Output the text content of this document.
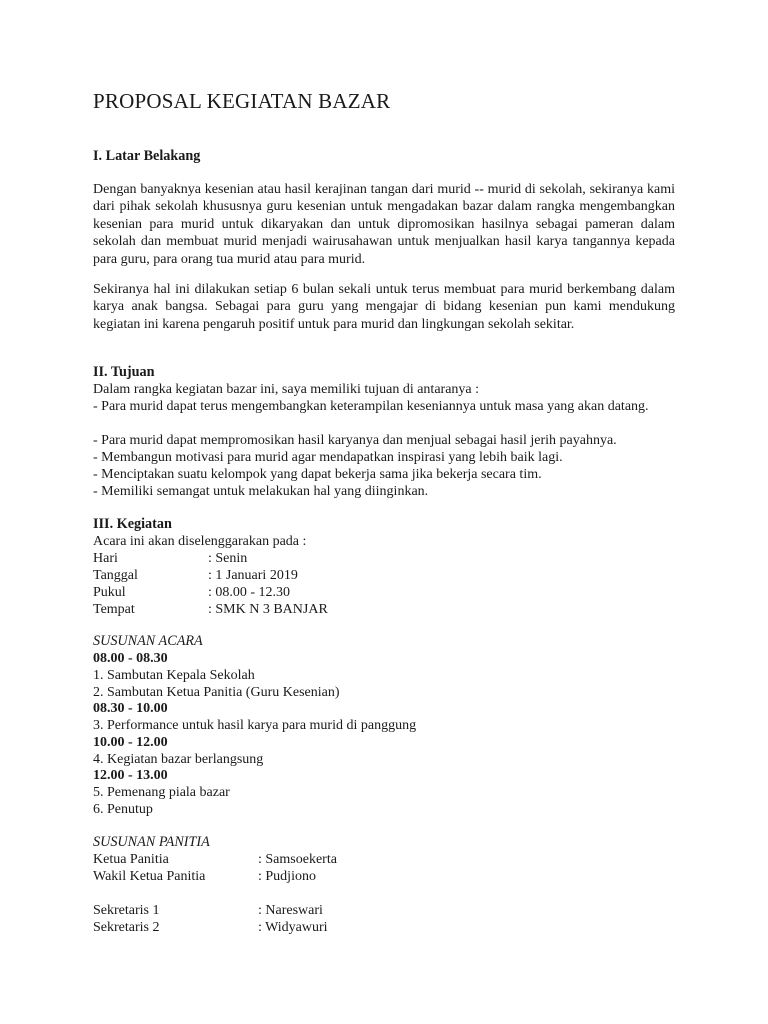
PROPOSAL KEGIATAN BAZAR
I. Latar Belakang

Dengan banyaknya kesenian atau hasil kerajinan tangan dari murid -- murid di sekolah, sekiranya kami dari pihak sekolah khususnya guru kesenian untuk mengadakan bazar dalam rangka mengembangkan kesenian para murid untuk dikaryakan dan untuk dipromosikan hasilnya sebagai pameran dalam sekolah dan membuat murid menjadi wairusahawan untuk menjualkan hasil karya tangannya kepada para guru, para orang tua murid atau para murid.

Sekiranya hal ini dilakukan setiap 6 bulan sekali untuk terus membuat para murid berkembang dalam karya anak bangsa. Sebagai para guru yang mengajar di bidang kesenian pun kami mendukung kegiatan ini karena pengaruh positif untuk para murid dan lingkungan sekolah sekitar.

II. Tujuan
Dalam rangka kegiatan bazar ini, saya memiliki tujuan di antaranya :

- Para murid dapat terus mengembangkan keterampilan keseniannya untuk masa yang akan datang.

- Para murid dapat mempromosikan hasil karyanya dan menjual sebagai hasil jerih payahnya.
- Membangun motivasi para murid agar mendapatkan inspirasi yang lebih baik lagi.
- Menciptakan suatu kelompok yang dapat bekerja sama jika bekerja secara tim.
- Memiliki semangat untuk melakukan hal yang diinginkan.
III. Kegiatan
Acara ini akan diselenggarakan pada :
Hari	: Senin
Tanggal	: 1 Januari 2019
Pukul	: 08.00 - 12.30
Tempat	: SMK N 3 BANJAR
SUSUNAN ACARA
08.00 - 08.30
1. Sambutan Kepala Sekolah
2. Sambutan Ketua Panitia (Guru Kesenian)
08.30 - 10.00
3. Performance untuk hasil karya para murid di panggung
10.00 - 12.00
4. Kegiatan bazar berlangsung
12.00 - 13.00
5. Pemenang piala bazar
6. Penutup
SUSUNAN PANITIA
Ketua Panitia	: Samsoekerta
Wakil Ketua Panitia	: Pudjiono
Sekretaris 1	: Nareswari
Sekretaris 2	: Widyawuri
